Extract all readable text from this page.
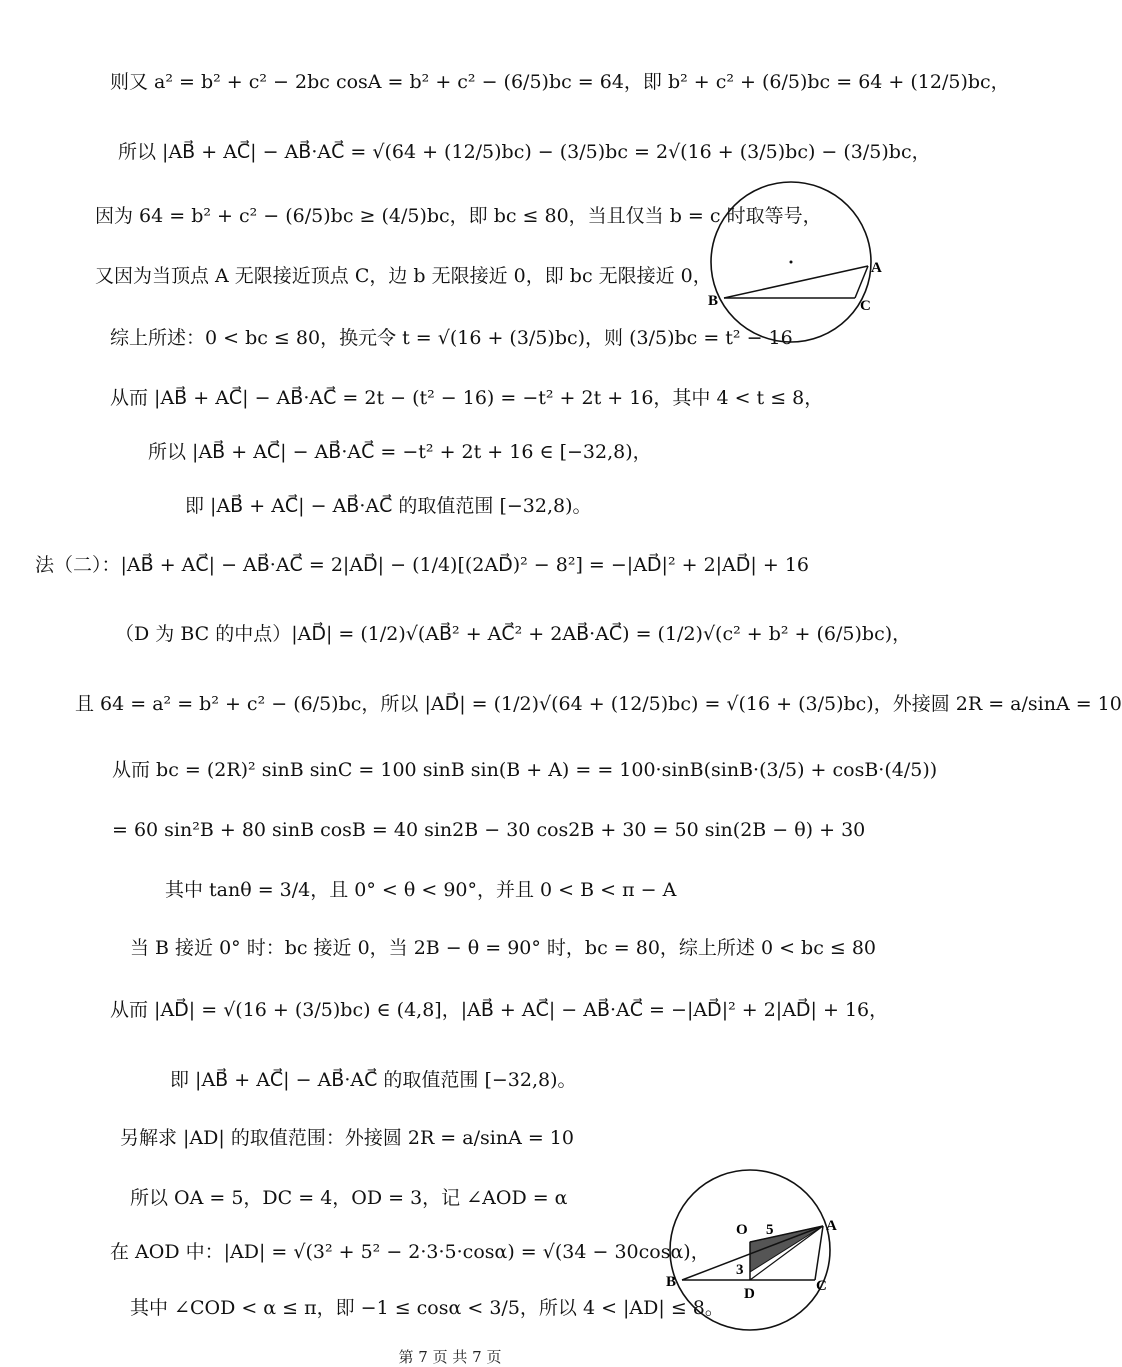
则又 a² = b² + c² − 2bc cosA = b² + c² − (6/5)bc = 64，即 b² + c² + (6/5)bc = 64 + (12/5)bc，
所以 |AB⃗ + AC⃗| − AB⃗·AC⃗ = √(64 + (12/5)bc) − (3/5)bc = 2√(16 + (3/5)bc) − (3/5)bc，
因为 64 = b² + c² − (6/5)bc ≥ (4/5)bc，即 bc ≤ 80，当且仅当 b = c 时取等号，
又因为当顶点 A 无限接近顶点 C，边 b 无限接近 0，即 bc 无限接近 0，
综上所述：0 < bc ≤ 80，换元令 t = √(16 + (3/5)bc)，则 (3/5)bc = t² − 16
从而 |AB⃗ + AC⃗| − AB⃗·AC⃗ = 2t − (t² − 16) = −t² + 2t + 16，其中 4 < t ≤ 8，
所以 |AB⃗ + AC⃗| − AB⃗·AC⃗ = −t² + 2t + 16 ∈ [−32,8)，
即 |AB⃗ + AC⃗| − AB⃗·AC⃗ 的取值范围 [−32,8)。
法（二）：|AB⃗ + AC⃗| − AB⃗·AC⃗ = 2|AD⃗| − (1/4)[(2AD⃗)² − 8²] = −|AD⃗|² + 2|AD⃗| + 16
（D 为 BC 的中点）|AD⃗| = (1/2)√(AB⃗² + AC⃗² + 2AB⃗·AC⃗) = (1/2)√(c² + b² + (6/5)bc)，
且 64 = a² = b² + c² − (6/5)bc，所以 |AD⃗| = (1/2)√(64 + (12/5)bc) = √(16 + (3/5)bc)，外接圆 2R = a/sinA = 10
从而 bc = (2R)² sinB sinC = 100 sinB sin(B + A) = = 100·sinB(sinB·(3/5) + cosB·(4/5))
= 60 sin²B + 80 sinB cosB = 40 sin2B − 30 cos2B + 30 = 50 sin(2B − θ) + 30
其中 tanθ = 3/4，且 0° < θ < 90°，并且 0 < B < π − A
当 B 接近 0° 时：bc 接近 0，当 2B − θ = 90° 时，bc = 80，综上所述 0 < bc ≤ 80
从而 |AD⃗| = √(16 + (3/5)bc) ∈ (4,8]，|AB⃗ + AC⃗| − AB⃗·AC⃗ = −|AD⃗|² + 2|AD⃗| + 16，
即 |AB⃗ + AC⃗| − AB⃗·AC⃗ 的取值范围 [−32,8)。
另解求 |AD| 的取值范围：外接圆 2R = a/sinA = 10
所以 OA = 5，DC = 4，OD = 3，记 ∠AOD = α
在 AOD 中：|AD| = √(3² + 5² − 2·3·5·cosα) = √(34 − 30cosα)，
其中 ∠COD < α ≤ π，即 −1 ≤ cosα < 3/5，所以 4 < |AD| ≤ 8。
A
B	C
O 5	A
3
B	C
D
第 7 页 共 7 页
